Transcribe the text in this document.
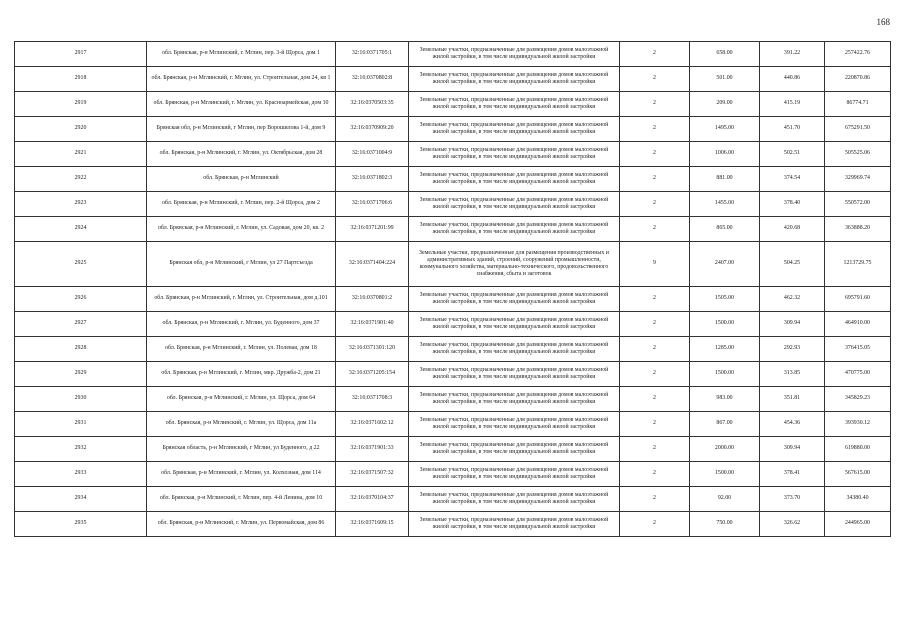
168
2917	обл. Брянская, р-н Мглинский, г. Мглин, пер. 3-й Щорса, дом 1	32:16:0371705:1	Земельные участки, предназначенные для размещения домов малоэтажной жилой застройки, в том числе индивидуальной жилой застройки	2	658.00	391.22	257422.76
2918	обл. Брянская, р-н Мглинский, г. Мглин, ул. Строительная, дом 24, кв 1	32:16:0370802:8	Земельные участки, предназначенные для размещения домов малоэтажной жилой застройки, в том числе индивидуальной жилой застройки	2	501.00	440.86	220870.86
2919	обл. Брянская, р-н Мглинский, г. Мглин, ул. Красноармейская, дом 10	32:16:0370503:35	Земельные участки, предназначенные для размещения домов малоэтажной жилой застройки, в том числе индивидуальной жилой застройки	2	209.00	415.19	86774.71
2920	Брянская обл, р-н Мглинский, г Мглин, пер Ворошилова 1-й, дом 9	32:16:0370909:20	Земельные участки, предназначенные для размещения домов малоэтажной жилой застройки, в том числе индивидуальной жилой застройки	2	1495.00	451.70	675291.50
2921	обл. Брянская, р-н Мглинский, г. Мглин, ул. Октябрьская, дом 28	32:16:0371004:9	Земельные участки, предназначенные для размещения домов малоэтажной жилой застройки, в том числе индивидуальной жилой застройки	2	1006.00	502.51	505525.06
2922	обл. Брянская, р-н Мглинский	32:16:0371802:3	Земельные участки, предназначенные для размещения домов малоэтажной жилой застройки, в том числе индивидуальной жилой застройки	2	881.00	374.54	329969.74
2923	обл. Брянская, р-н Мглинский, г. Мглин, пер. 2-й Щорса, дом 2	32:16:0371706:6	Земельные участки, предназначенные для размещения домов малоэтажной жилой застройки, в том числе индивидуальной жилой застройки	2	1455.00	378.40	550572.00
2924	обл. Брянская, р-н Мглинский, г. Мглин, ул. Садовая, дом 20, кв. 2	32:16:0371201:99	Земельные участки, предназначенные для размещения домов малоэтажной жилой застройки, в том числе индивидуальной жилой застройки	2	865.00	420.68	363888.20
2925	Брянская обл, р-н Мглинский, г Мглин, ул 27 Партсъезда	32:16:0371404:224	Земельные участки, предназначенные для размещения производственных и административных зданий, строений, сооружений промышленности, коммунального хозяйства, материально-технического, продовольственного снабжения, сбыта и заготовок	9	2407.00	504.25	1213729.75
2926	обл. Брянская, р-н Мглинский, г. Мглин, ул. Строительная, дом д.101	32:16:0370801:2	Земельные участки, предназначенные для размещения домов малоэтажной жилой застройки, в том числе индивидуальной жилой застройки	2	1505.00	462.32	695791.60
2927	обл. Брянская, р-н Мглинский, г. Мглин, ул. Буденного, дом 37	32:16:0371901:40	Земельные участки, предназначенные для размещения домов малоэтажной жилой застройки, в том числе индивидуальной жилой застройки	2	1500.00	309.94	464910.00
2928	обл. Брянская, р-н Мглинский, г. Мглин, ул. Полевая, дом 18	32:16:0371301:120	Земельные участки, предназначенные для размещения домов малоэтажной жилой застройки, в том числе индивидуальной жилой застройки	2	1285.00	292.93	376415.05
2929	обл. Брянская, р-н Мглинский, г. Мглин, мкр. Дружба-2, дом 21	32:16:0371205:154	Земельные участки, предназначенные для размещения домов малоэтажной жилой застройки, в том числе индивидуальной жилой застройки	2	1500.00	313.85	470775.00
2930	обл. Брянская, р-н Мглинский, г. Мглин, ул. Щорса, дом 64	32:16:0371708:3	Земельные участки, предназначенные для размещения домов малоэтажной жилой застройки, в том числе индивидуальной жилой застройки	2	983.00	351.81	345829.23
2931	обл. Брянская, р-н Мглинский, г. Мглин, ул. Щорса, дом 11а	32:16:0371602:12	Земельные участки, предназначенные для размещения домов малоэтажной жилой застройки, в том числе индивидуальной жилой застройки	2	867.00	454.36	393930.12
2932	Брянская область, р-н Мглинский, г Мглин, ул Буденного, д 22	32:16:0371901:33	Земельные участки, предназначенные для размещения домов малоэтажной жилой застройки, в том числе индивидуальной жилой застройки	2	2000.00	309.94	619880.00
2933	обл. Брянская, р-н Мглинский, г. Мглин, ул. Колхозная, дом 114	32:16:0371507:32	Земельные участки, предназначенные для размещения домов малоэтажной жилой застройки, в том числе индивидуальной жилой застройки	2	1500.00	378.41	567615.00
2934	обл. Брянская, р-н Мглинский, г. Мглин, пер. 4-й Ленина, дом 10	32:16:0370104:37	Земельные участки, предназначенные для размещения домов малоэтажной жилой застройки, в том числе индивидуальной жилой застройки	2	92.00	373.70	34380.40
2935	обл. Брянская, р-н Мглинский, г. Мглин, ул. Первомайская, дом 86	32:16:0371609:15	Земельные участки, предназначенные для размещения домов малоэтажной жилой застройки, в том числе индивидуальной жилой застройки	2	750.00	326.62	244965.00
